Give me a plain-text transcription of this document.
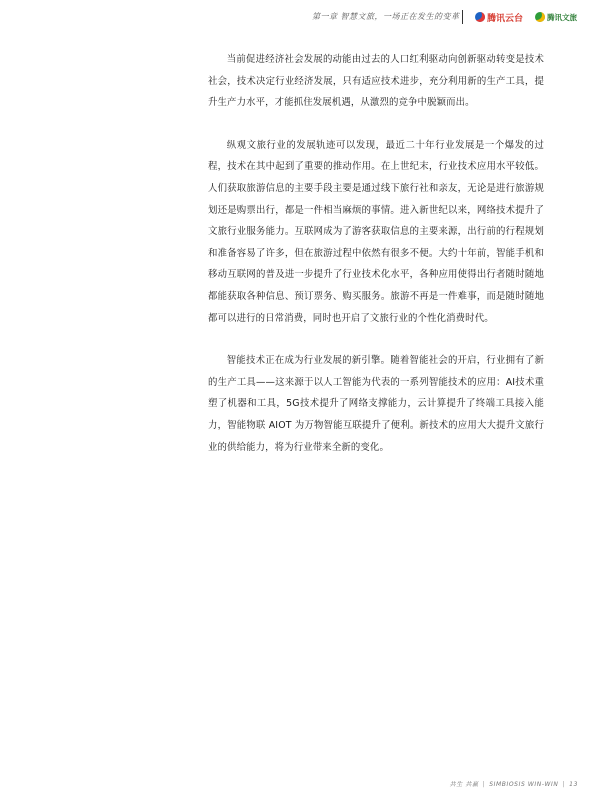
第一章 智慧文旅，一场正在发生的变革	腾讯云台	腾讯文旅

当前促进经济社会发展的动能由过去的人口红利驱动向创新驱动转变是技术社会，技术决定行业经济发展，只有适应技术进步，充分利用新的生产工具，提升生产力水平，才能抓住发展机遇，从激烈的竞争中脱颖而出。

纵观文旅行业的发展轨迹可以发现，最近二十年行业发展是一个爆发的过程，技术在其中起到了重要的推动作用。在上世纪末，行业技术应用水平较低。人们获取旅游信息的主要手段主要是通过线下旅行社和亲友，无论是进行旅游规划还是购票出行，都是一件相当麻烦的事情。进入新世纪以来，网络技术提升了文旅行业服务能力。互联网成为了游客获取信息的主要来源，出行前的行程规划和准备容易了许多，但在旅游过程中依然有很多不便。大约十年前，智能手机和移动互联网的普及进一步提升了行业技术化水平，各种应用使得出行者随时随地都能获取各种信息、预订票务、购买服务。旅游不再是一件难事，而是随时随地都可以进行的日常消费，同时也开启了文旅行业的个性化消费时代。

智能技术正在成为行业发展的新引擎。随着智能社会的开启，行业拥有了新的生产工具——这来源于以人工智能为代表的一系列智能技术的应用：AI技术重塑了机器和工具，5G技术提升了网络支撑能力，云计算提升了终端工具接入能力，智能物联 AIOT 为万物智能互联提升了便利。新技术的应用大大提升文旅行业的供给能力，将为行业带来全新的变化。

共生 共赢 | SIMBIOSIS WIN-WIN | 13
